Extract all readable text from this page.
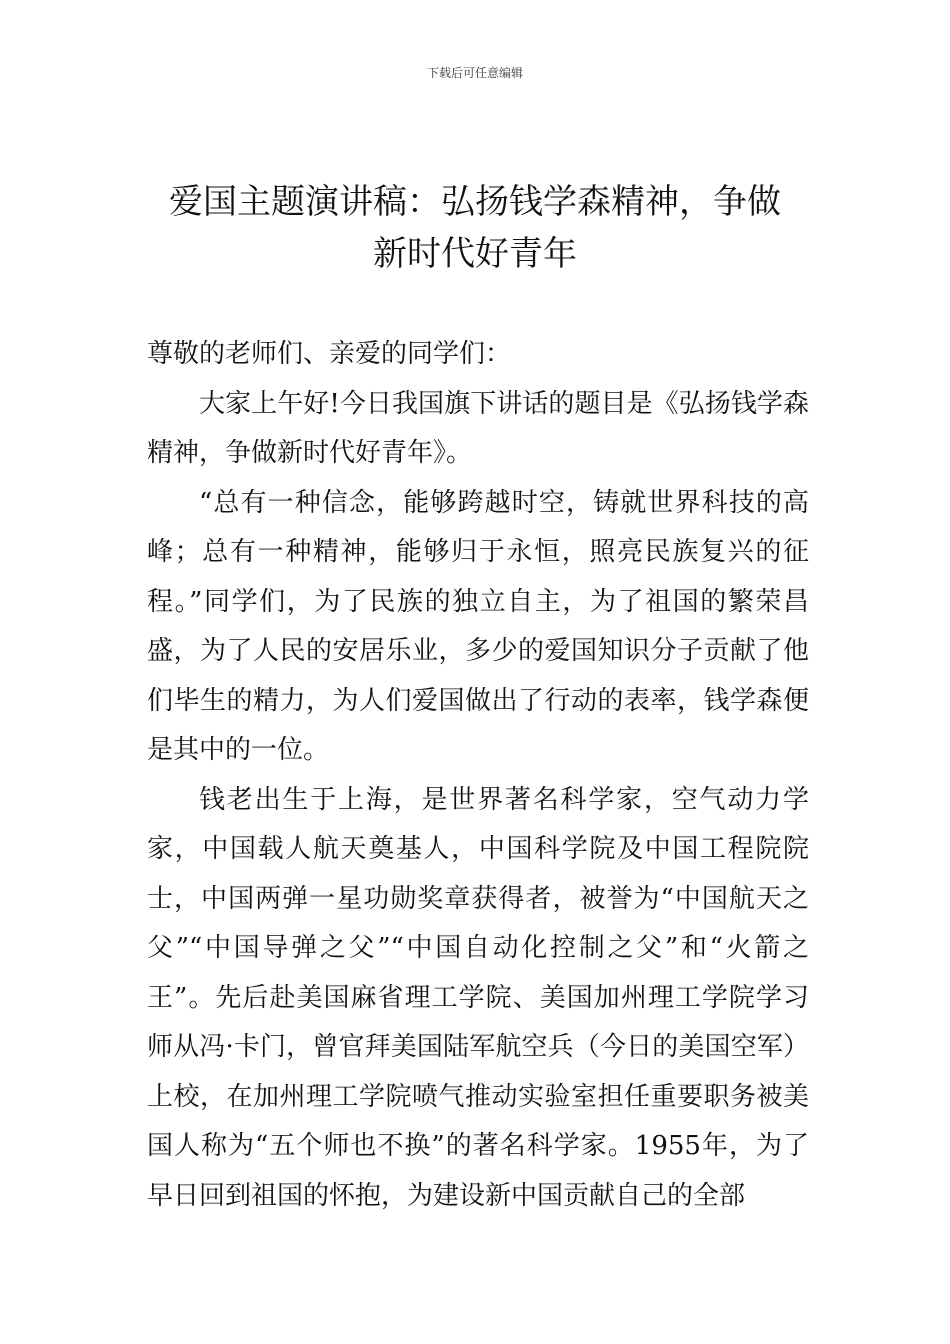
下载后可任意编辑
爱国主题演讲稿：弘扬钱学森精神，争做
新时代好青年

尊敬的老师们、亲爱的同学们：

大家上午好!今日我国旗下讲话的题目是《弘扬钱学森精神，争做新时代好青年》。

“总有一种信念，能够跨越时空，铸就世界科技的高峰；总有一种精神，能够归于永恒，照亮民族复兴的征程。”同学们，为了民族的独立自主，为了祖国的繁荣昌盛，为了人民的安居乐业，多少的爱国知识分子贡献了他们毕生的精力，为人们爱国做出了行动的表率，钱学森便是其中的一位。

钱老出生于上海，是世界著名科学家，空气动力学家，中国载人航天奠基人，中国科学院及中国工程院院士，中国两弹一星功勋奖章获得者，被誉为“中国航天之父”“中国导弹之父”“中国自动化控制之父”和“火箭之王”。先后赴美国麻省理工学院、美国加州理工学院学习师从冯·卡门，曾官拜美国陆军航空兵（今日的美国空军）上校，在加州理工学院喷气推动实验室担任重要职务被美国人称为“五个师也不换”的著名科学家。1955年，为了早日回到祖国的怀抱，为建设新中国贡献自己的全部
